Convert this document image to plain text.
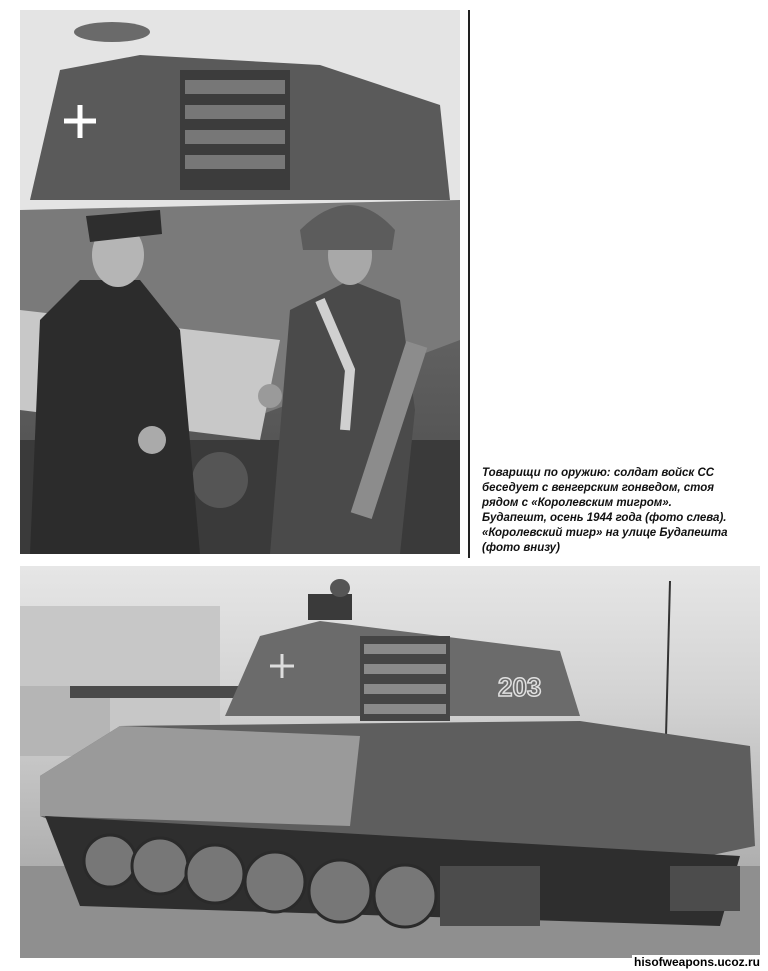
Товарищи по оружию: солдат войск СС
беседует с венгерским гонведом, стоя
рядом с «Королевским тигром».
Будапешт, осень 1944 года (фото слева).
«Королевский тигр» на улице Будапешта
(фото внизу)
203
hisofweapons.ucoz.ru
